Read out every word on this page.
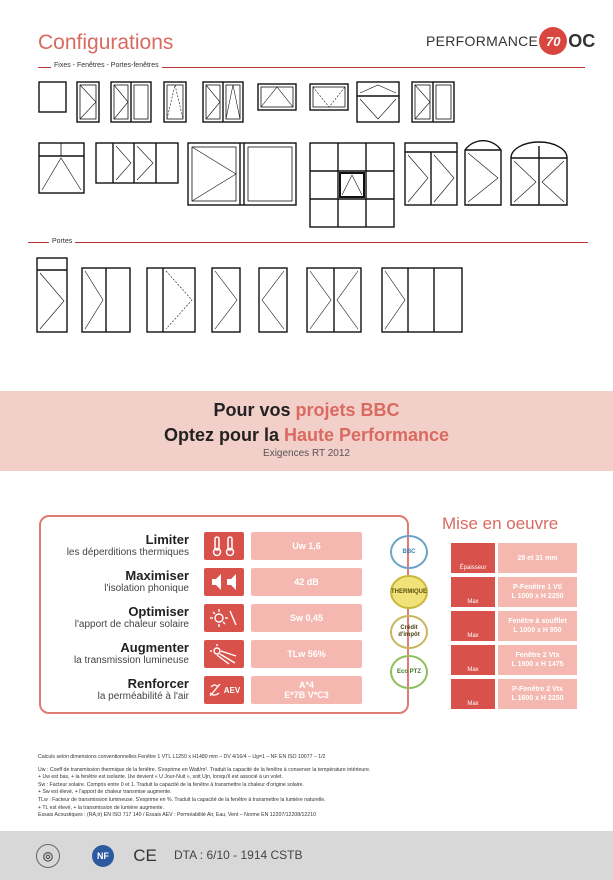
Configurations	PERFORMANCE 70 OC
Fixes - Fenêtres - Portes-fenêtres
Portes
Pour vos projets BBC
Optez pour la Haute Performance
Exigences RT 2012
Limiter
les déperditions thermiques
Uw 1,6
Maximiser
l'isolation phonique
42 dB
Optimiser
l'apport de chaleur solaire
Sw 0,45
Augmenter
la transmission lumineuse
TLw 56%
Renforcer
la perméabilité à l'air
AEV	A*4
E*7B V*C3
BBC
THERMIQUE
Crédit d'impôt
Eco PTZ
Mise en oeuvre
Épaisseur
28 et 31 mm
Max
P-Fenêtre 1 Vtl
L 1000 x H 2250
Max
Fenêtre à soufflet
L 1000 x H 950
Max
Fenêtre 2 Vtx
L 1900 x H 1475
Max
P-Fenêtre 2 Vtx
L 1600 x H 2250

Calculs selon dimensions conventionnelles Fenêtre 1 VTL L1250 x H1480 mm – DV 4/16/4 – Ug=1 – NF EN ISO 10077 – 1/2

Uw : Coeff de transmission thermique de la fenêtre. S'exprime en Watt/m². Traduit la capacité de la fenêtre à conserver la température intérieure.

+ Uw est bas, + la fenêtre est isolante. Uw devient « U Jour-Nuit », soit Ujn, lorsqu'il est associé à un volet.

Sw : Facteur solaire. Compris entre 0 et 1. Traduit la capacité de la fenêtre à transmettre la chaleur d'origine solaire.

+ Sw est élevé, + l'apport de chaleur transmise augmente.

TLw : Facteur de transmission lumineuse. S'exprime en %. Traduit la capacité de la fenêtre à transmettre la lumière naturelle.

+ TL est élevé, + la transmission de lumière augmente.

Essais Acoustiques : (RA,tr) EN ISO 717 140 / Essais AEV : Perméabilité Air, Eau, Vent – Norme EN 12207/12208/12210

◎	NF CE DTA : 6/10 - 1914 CSTB
